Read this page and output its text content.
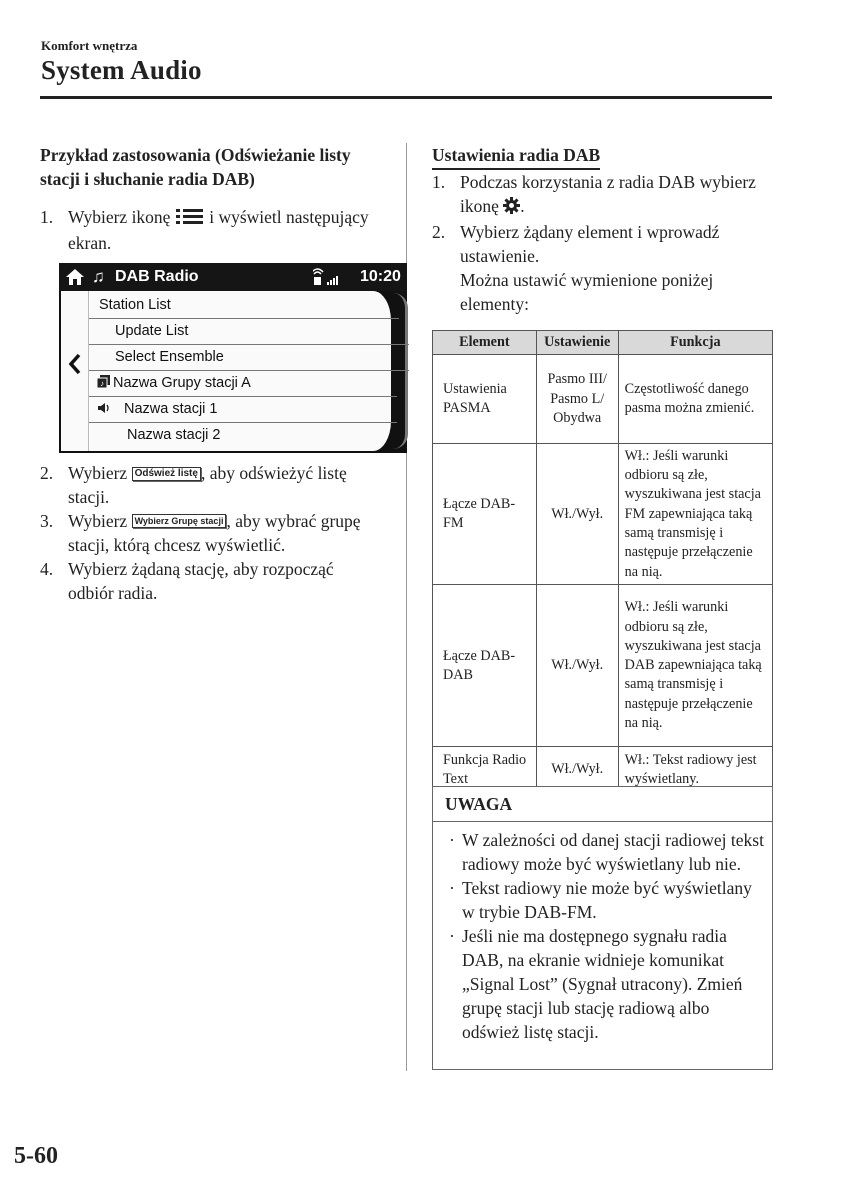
Komfort wnętrza
System Audio
Przykład zastosowania (Odświeżanie listy stacji i słuchanie radia DAB)
1. Wybierz ikonę  i wyświetl następujący ekran.
♫ DAB Radio	10:20
Station List
Update List
Select Ensemble
♪ Nazwa Grupy stacji A
Nazwa stacji 1
Nazwa stacji 2
2. Wybierz Odśwież listę , aby odświeżyć listę stacji.
3. Wybierz Wybierz Grupę stacji , aby wybrać grupę stacji, którą chcesz wyświetlić.
4. Wybierz żądaną stację, aby rozpocząć odbiór radia.
Ustawienia radia DAB
1. Podczas korzystania z radia DAB wybierz ikonę .
2. Wybierz żądany element i wprowadź ustawienie.
Można ustawić wymienione poniżej elementy:
Element	Ustawienie	Funkcja
Ustawienia PASMA	Pasmo III/ Pasmo L/ Obydwa	Częstotliwość danego pasma można zmienić.
Łącze DAB-FM	Wł./Wył.	Wł.: Jeśli warunki odbioru są złe, wyszukiwana jest stacja FM zapewniająca taką samą transmisję i następuje przełączenie na nią.
Łącze DAB-DAB	Wł./Wył.	Wł.: Jeśli warunki odbioru są złe, wyszukiwana jest stacja DAB zapewniająca taką samą transmisję i następuje przełączenie na nią.
Funkcja Radio Text	Wł./Wył.	Wł.: Tekst radiowy jest wyświetlany.
UWAGA
· W zależności od danej stacji radiowej tekst radiowy może być wyświetlany lub nie.
· Tekst radiowy nie może być wyświetlany w trybie DAB-FM.
· Jeśli nie ma dostępnego sygnału radia DAB, na ekranie widnieje komunikat „Signal Lost” (Sygnał utracony). Zmień grupę stacji lub stację radiową albo odśwież listę stacji.
5-60
